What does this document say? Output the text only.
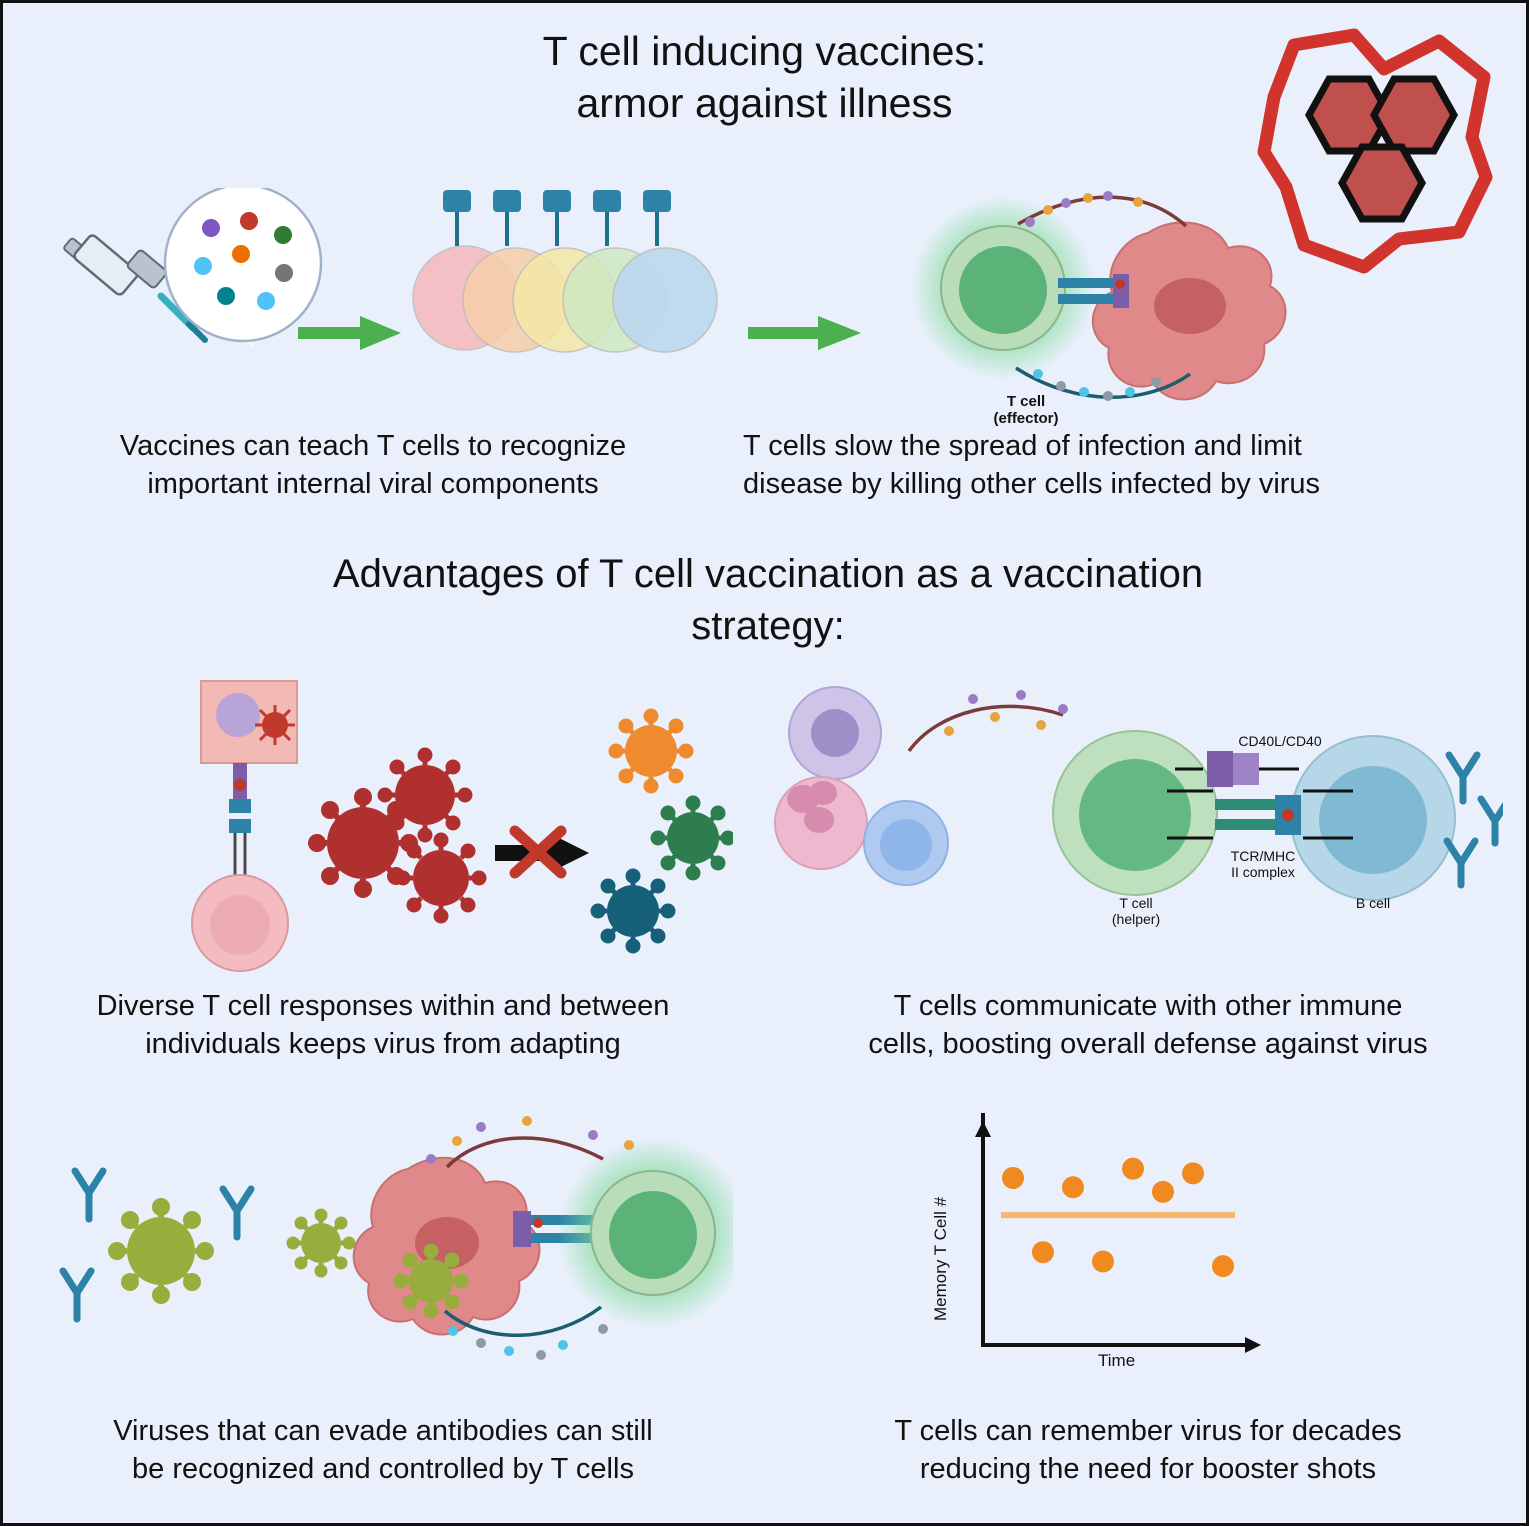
T cell inducing vaccines:
armor against illness
T cell
(effector)
Vaccines can teach T cells to recognize
important internal viral components
T cells slow the spread of infection and limit
disease by killing other cells infected by virus
Advantages of T cell vaccination as a vaccination
strategy:
Diverse T cell responses within and between
individuals keeps virus from adapting
CD40L/CD40
TCR/MHC
II complex
T cell
(helper)
B cell
T cells communicate with other immune
cells, boosting overall defense against virus
Viruses that can evade antibodies can still
be recognized and controlled by T cells
Memory T Cell #
Time
T cells can remember virus for decades
reducing the need for booster shots
